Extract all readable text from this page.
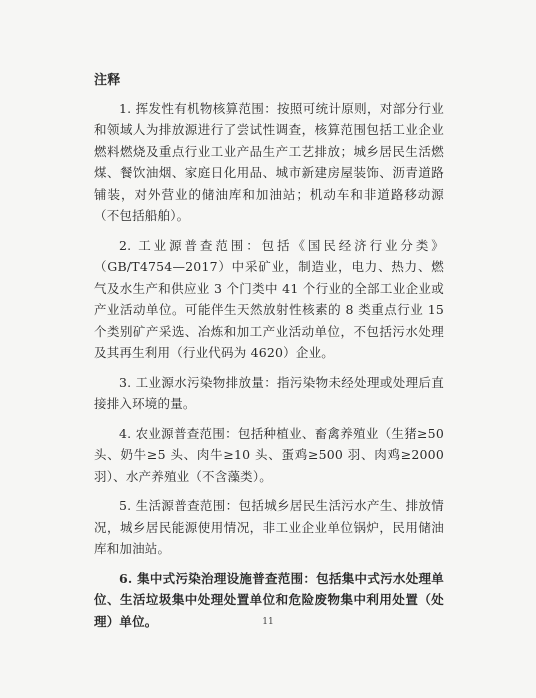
注释

1. 挥发性有机物核算范围：按照可统计原则，对部分行业和领域人为排放源进行了尝试性调查，核算范围包括工业企业燃料燃烧及重点行业工业产品生产工艺排放；城乡居民生活燃煤、餐饮油烟、家庭日化用品、城市新建房屋装饰、沥青道路铺装，对外营业的储油库和加油站；机动车和非道路移动源（不包括船舶）。

2. 工业源普查范围：包括《国民经济行业分类》（GB/T4754—2017）中采矿业，制造业，电力、热力、燃气及水生产和供应业 3 个门类中 41 个行业的全部工业企业或产业活动单位。可能伴生天然放射性核素的 8 类重点行业 15 个类别矿产采选、冶炼和加工产业活动单位，不包括污水处理及其再生利用（行业代码为 4620）企业。

3. 工业源水污染物排放量：指污染物未经处理或处理后直接排入环境的量。

4. 农业源普查范围：包括种植业、畜禽养殖业（生猪≥50 头、奶牛≥5 头、肉牛≥10 头、蛋鸡≥500 羽、肉鸡≥2000 羽）、水产养殖业（不含藻类）。

5. 生活源普查范围：包括城乡居民生活污水产生、排放情况，城乡居民能源使用情况，非工业企业单位锅炉，民用储油库和加油站。

6. 集中式污染治理设施普查范围：包括集中式污水处理单位、生活垃圾集中处理处置单位和危险废物集中利用处置（处理）单位。	11
